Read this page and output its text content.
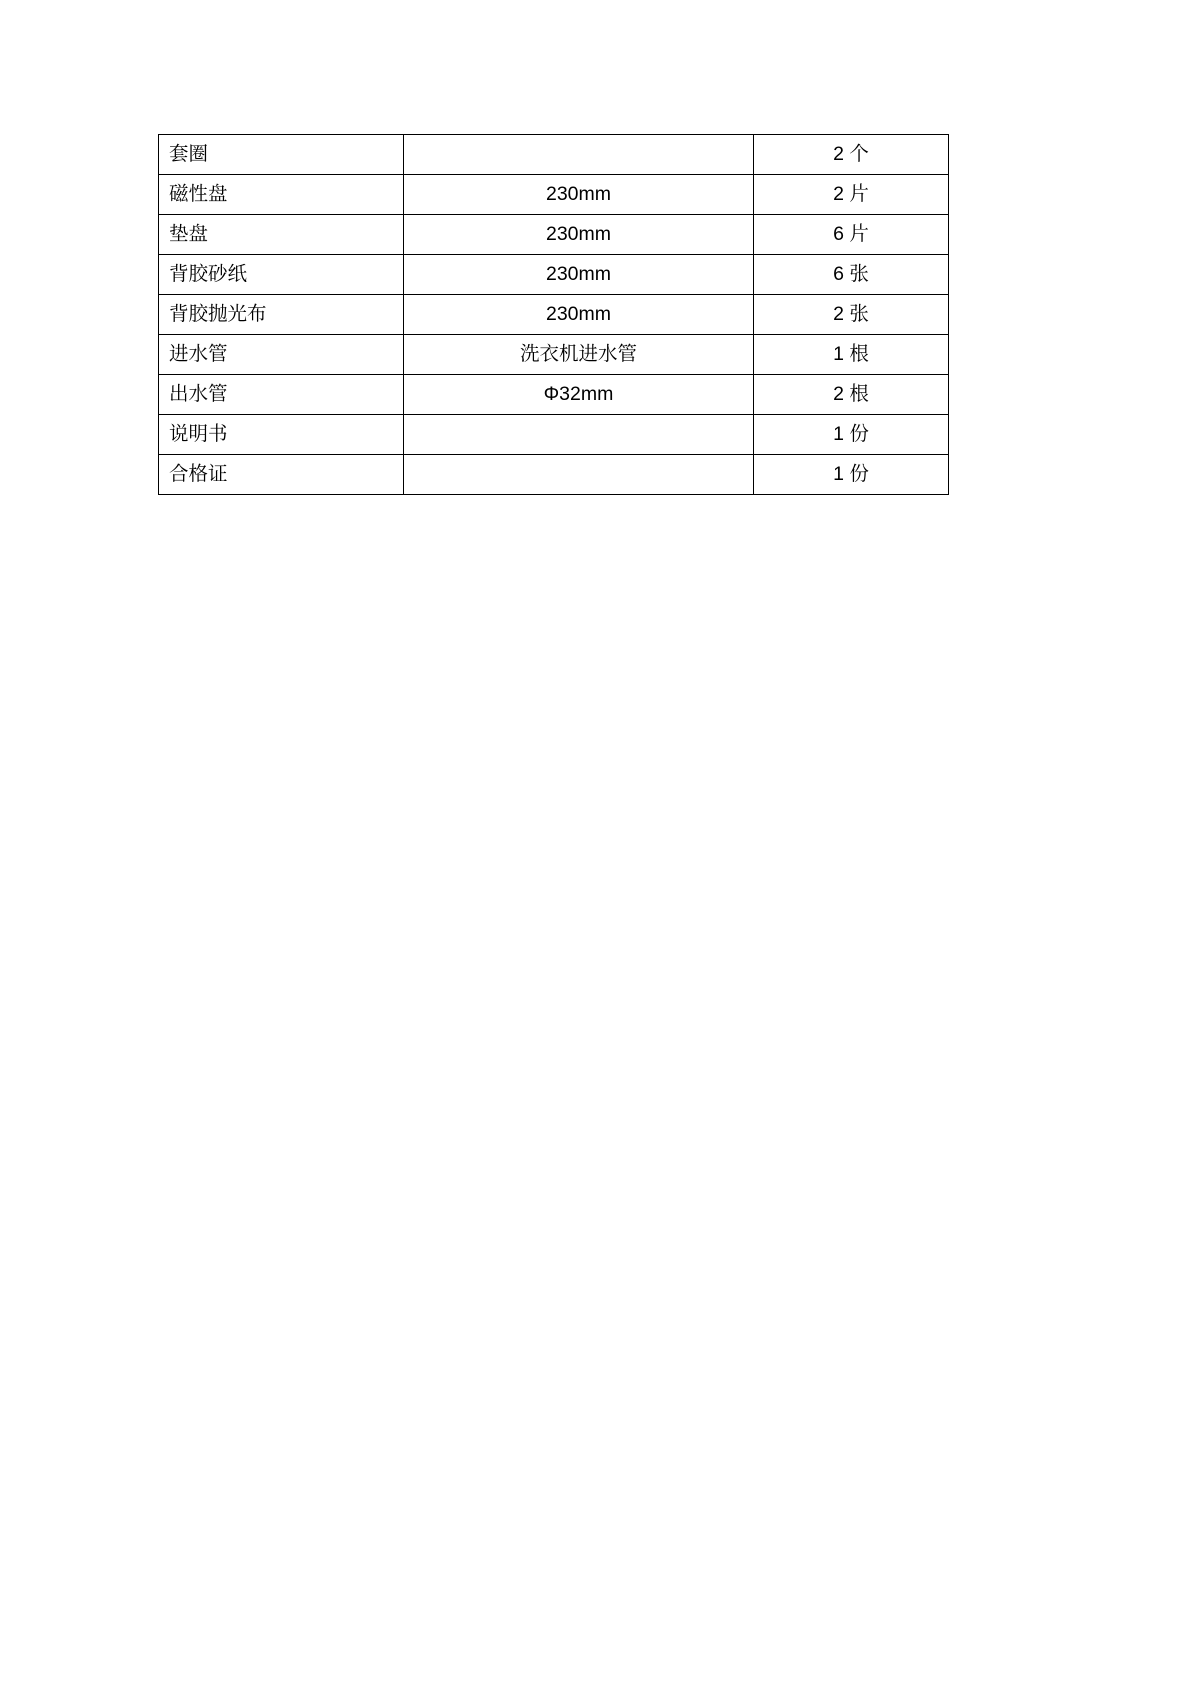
套圈		2 个
磁性盘	230mm	2 片
垫盘	230mm	6 片
背胶砂纸	230mm	6 张
背胶抛光布	230mm	2 张
进水管	洗衣机进水管	1 根
出水管	Φ32mm	2 根
说明书		1 份
合格证		1 份
